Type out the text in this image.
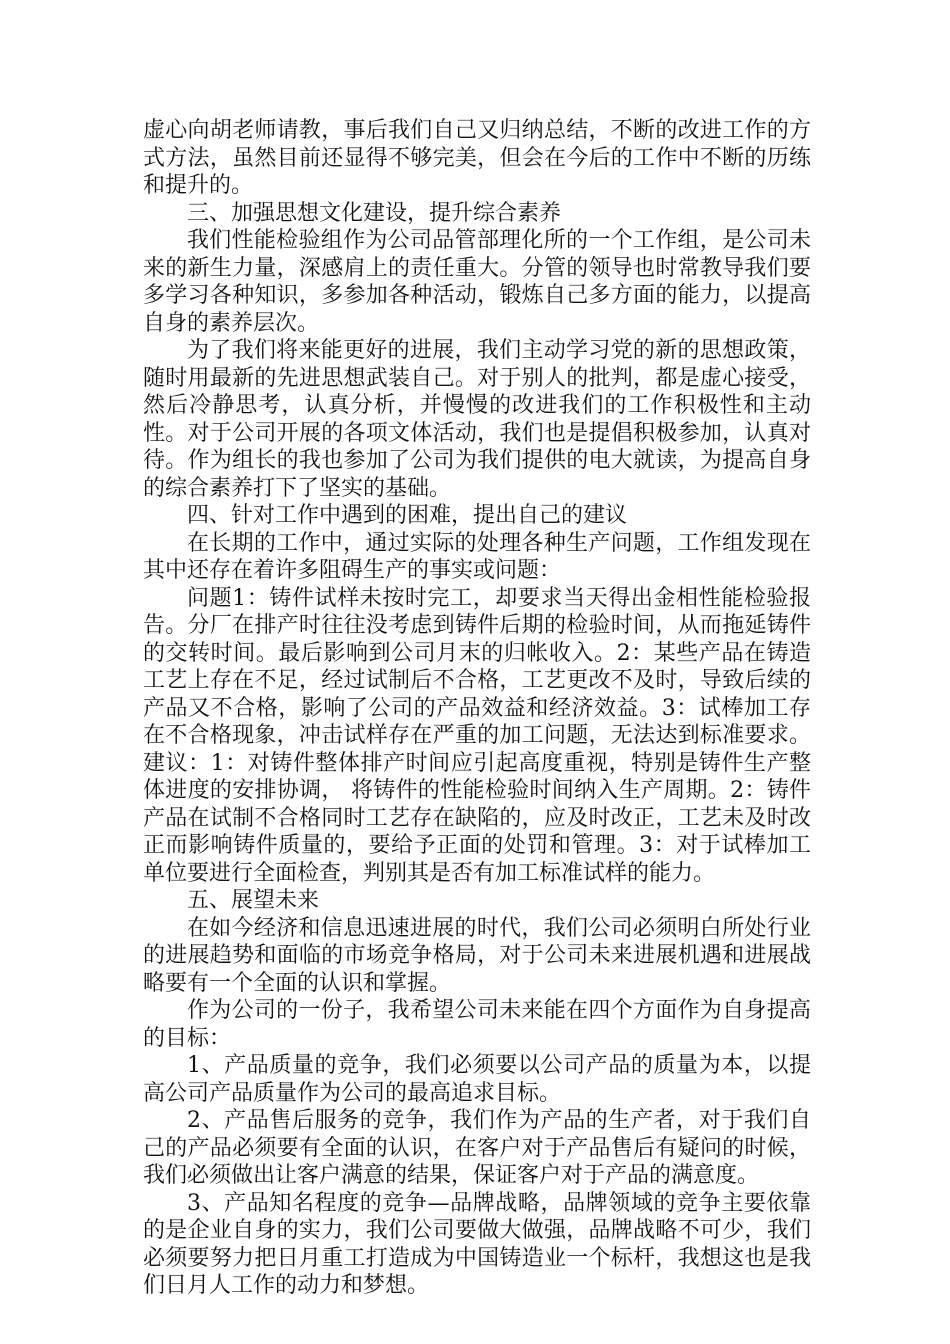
虚心向胡老师请教，事后我们自己又归纳总结，不断的改进工作的方式方法，虽然目前还显得不够完美，但会在今后的工作中不断的历练和提升的。

三、加强思想文化建设，提升综合素养

我们性能检验组作为公司品管部理化所的一个工作组，是公司未来的新生力量，深感肩上的责任重大。分管的领导也时常教导我们要多学习各种知识，多参加各种活动，锻炼自己多方面的能力，以提高自身的素养层次。

为了我们将来能更好的进展，我们主动学习党的新的思想政策，随时用最新的先进思想武装自己。对于别人的批判，都是虚心接受，然后冷静思考，认真分析，并慢慢的改进我们的工作积极性和主动性。对于公司开展的各项文体活动，我们也是提倡积极参加，认真对待。作为组长的我也参加了公司为我们提供的电大就读，为提高自身的综合素养打下了坚实的基础。

四、针对工作中遇到的困难，提出自己的建议

在长期的工作中，通过实际的处理各种生产问题，工作组发现在其中还存在着许多阻碍生产的事实或问题：

问题1：铸件试样未按时完工，却要求当天得出金相性能检验报告。分厂在排产时往往没考虑到铸件后期的检验时间，从而拖延铸件的交转时间。最后影响到公司月末的归帐收入。2：某些产品在铸造工艺上存在不足，经过试制后不合格，工艺更改不及时，导致后续的产品又不合格，影响了公司的产品效益和经济效益。3：试棒加工存在不合格现象，冲击试样存在严重的加工问题，无法达到标准要求。 建议：1：对铸件整体排产时间应引起高度重视，特别是铸件生产整体进度的安排协调， 将铸件的性能检验时间纳入生产周期。2：铸件产品在试制不合格同时工艺存在缺陷的，应及时改正，工艺未及时改正而影响铸件质量的，要给予正面的处罚和管理。3：对于试棒加工单位要进行全面检查，判别其是否有加工标准试样的能力。

五、展望未来

在如今经济和信息迅速进展的时代，我们公司必须明白所处行业的进展趋势和面临的市场竞争格局，对于公司未来进展机遇和进展战略要有一个全面的认识和掌握。

作为公司的一份子，我希望公司未来能在四个方面作为自身提高的目标：

1、产品质量的竞争，我们必须要以公司产品的质量为本，以提高公司产品质量作为公司的最高追求目标。

2、产品售后服务的竞争，我们作为产品的生产者，对于我们自己的产品必须要有全面的认识，在客户对于产品售后有疑问的时候，我们必须做出让客户满意的结果，保证客户对于产品的满意度。

3、产品知名程度的竞争—品牌战略，品牌领域的竞争主要依靠的是企业自身的实力，我们公司要做大做强，品牌战略不可少，我们必须要努力把日月重工打造成为中国铸造业一个标杆，我想这也是我们日月人工作的动力和梦想。
